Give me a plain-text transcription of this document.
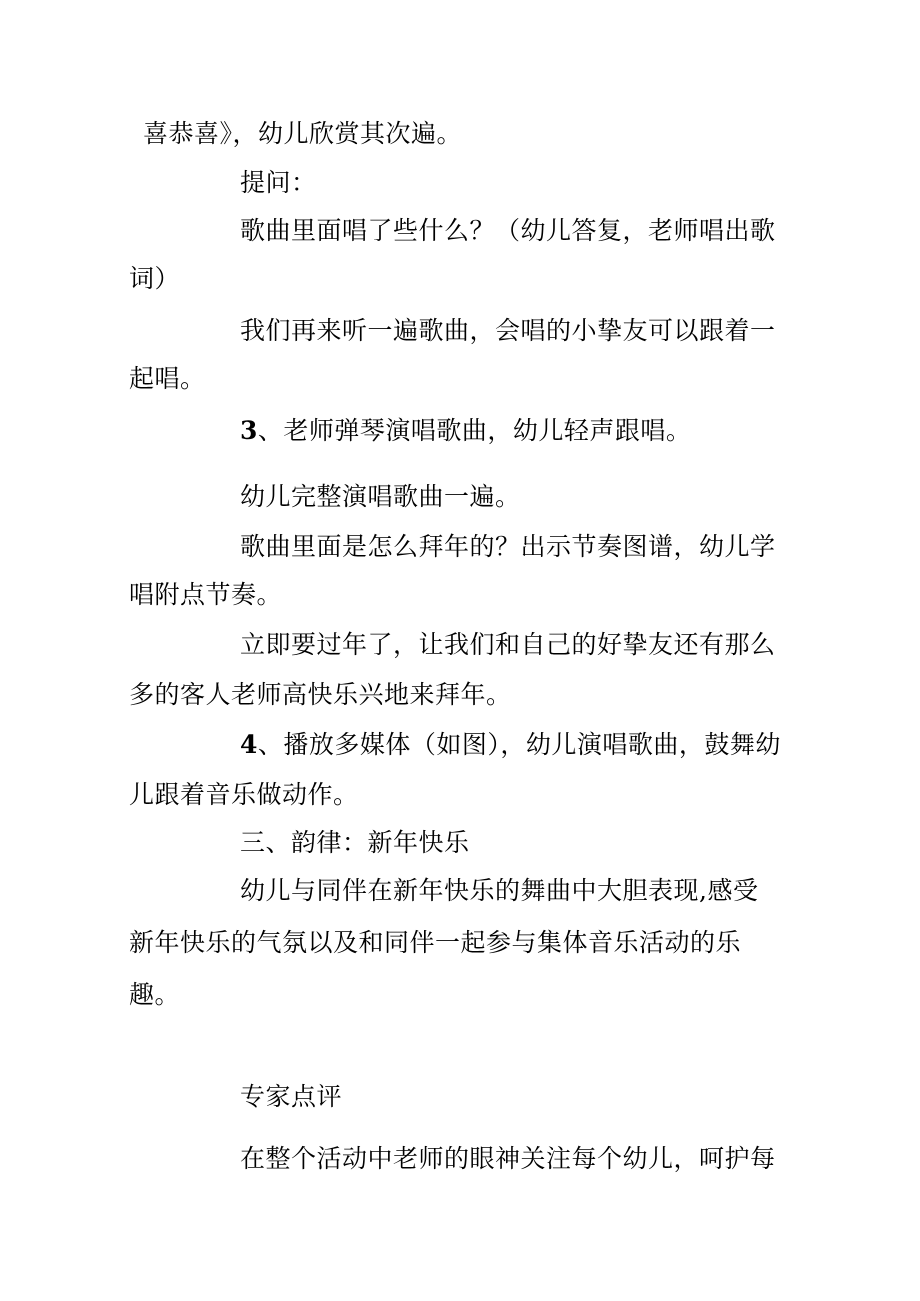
喜恭喜》，幼儿欣赏其次遍。

提问：

歌曲里面唱了些什么？（幼儿答复，老师唱出歌

词）

我们再来听一遍歌曲，会唱的小挚友可以跟着一

起唱。

3、老师弹琴演唱歌曲，幼儿轻声跟唱。

幼儿完整演唱歌曲一遍。

歌曲里面是怎么拜年的？出示节奏图谱，幼儿学

唱附点节奏。

立即要过年了，让我们和自己的好挚友还有那么

多的客人老师高快乐兴地来拜年。

4、播放多媒体（如图），幼儿演唱歌曲，鼓舞幼

儿跟着音乐做动作。

三、韵律：新年快乐

幼儿与同伴在新年快乐的舞曲中大胆表现,感受

新年快乐的气氛以及和同伴一起参与集体音乐活动的乐

趣。

专家点评

在整个活动中老师的眼神关注每个幼儿，呵护每
